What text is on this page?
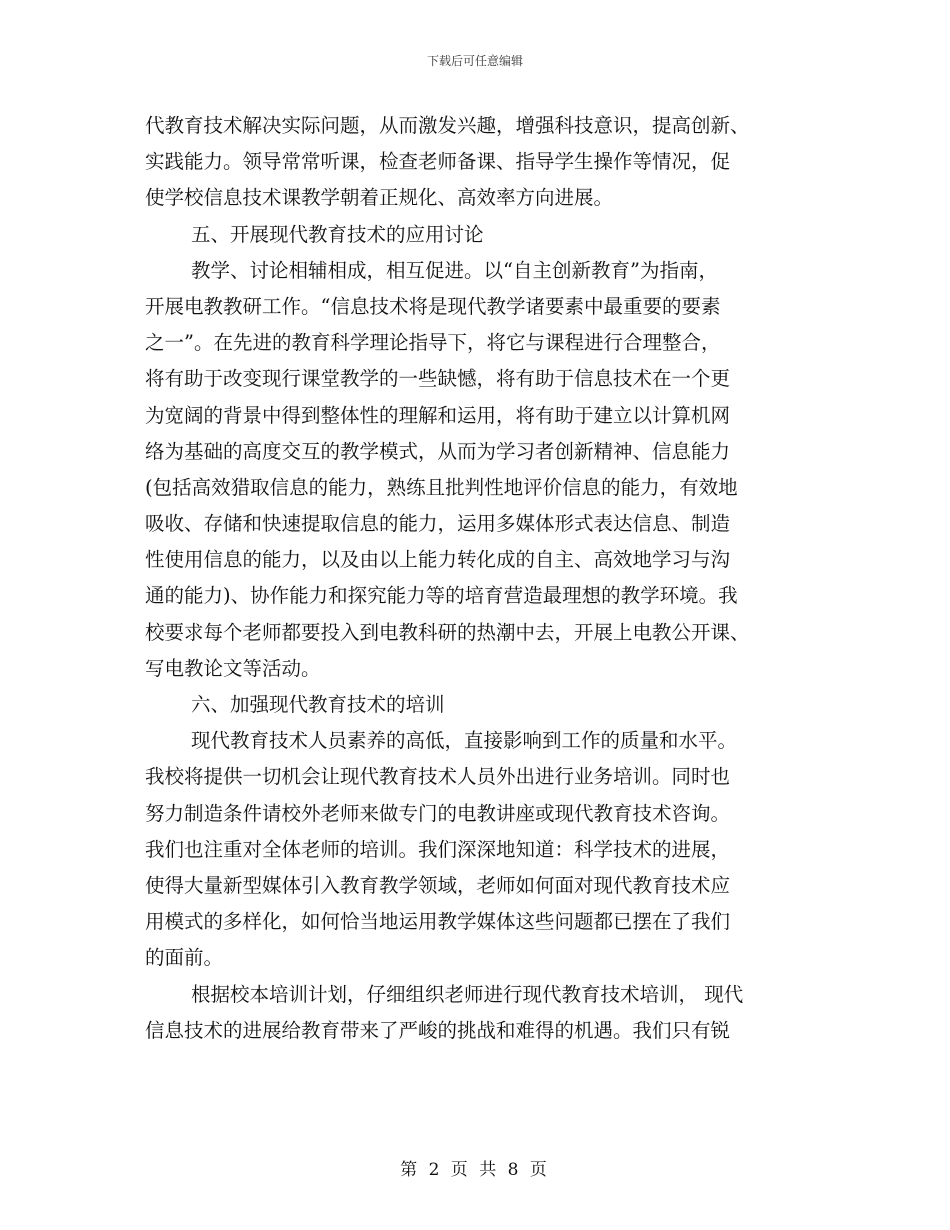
下载后可任意编辑
代教育技术解决实际问题，从而激发兴趣，增强科技意识，提高创新、
实践能力。领导常常听课，检查老师备课、指导学生操作等情况，促
使学校信息技术课教学朝着正规化、高效率方向进展。
五、开展现代教育技术的应用讨论
教学、讨论相辅相成，相互促进。以“自主创新教育”为指南，
开展电教教研工作。“信息技术将是现代教学诸要素中最重要的要素
之一”。在先进的教育科学理论指导下，将它与课程进行合理整合，
将有助于改变现行课堂教学的一些缺憾，将有助于信息技术在一个更
为宽阔的背景中得到整体性的理解和运用，将有助于建立以计算机网
络为基础的高度交互的教学模式，从而为学习者创新精神、信息能力
(包括高效猎取信息的能力，熟练且批判性地评价信息的能力，有效地
吸收、存储和快速提取信息的能力，运用多媒体形式表达信息、制造
性使用信息的能力，以及由以上能力转化成的自主、高效地学习与沟
通的能力)、协作能力和探究能力等的培育营造最理想的教学环境。我
校要求每个老师都要投入到电教科研的热潮中去，开展上电教公开课、
写电教论文等活动。
六、加强现代教育技术的培训
现代教育技术人员素养的高低，直接影响到工作的质量和水平。
我校将提供一切机会让现代教育技术人员外出进行业务培训。同时也
努力制造条件请校外老师来做专门的电教讲座或现代教育技术咨询。
我们也注重对全体老师的培训。我们深深地知道：科学技术的进展，
使得大量新型媒体引入教育教学领域，老师如何面对现代教育技术应
用模式的多样化，如何恰当地运用教学媒体这些问题都已摆在了我们
的面前。
根据校本培训计划，仔细组织老师进行现代教育技术培训， 现代
信息技术的进展给教育带来了严峻的挑战和难得的机遇。我们只有锐
第 2 页 共 8 页
